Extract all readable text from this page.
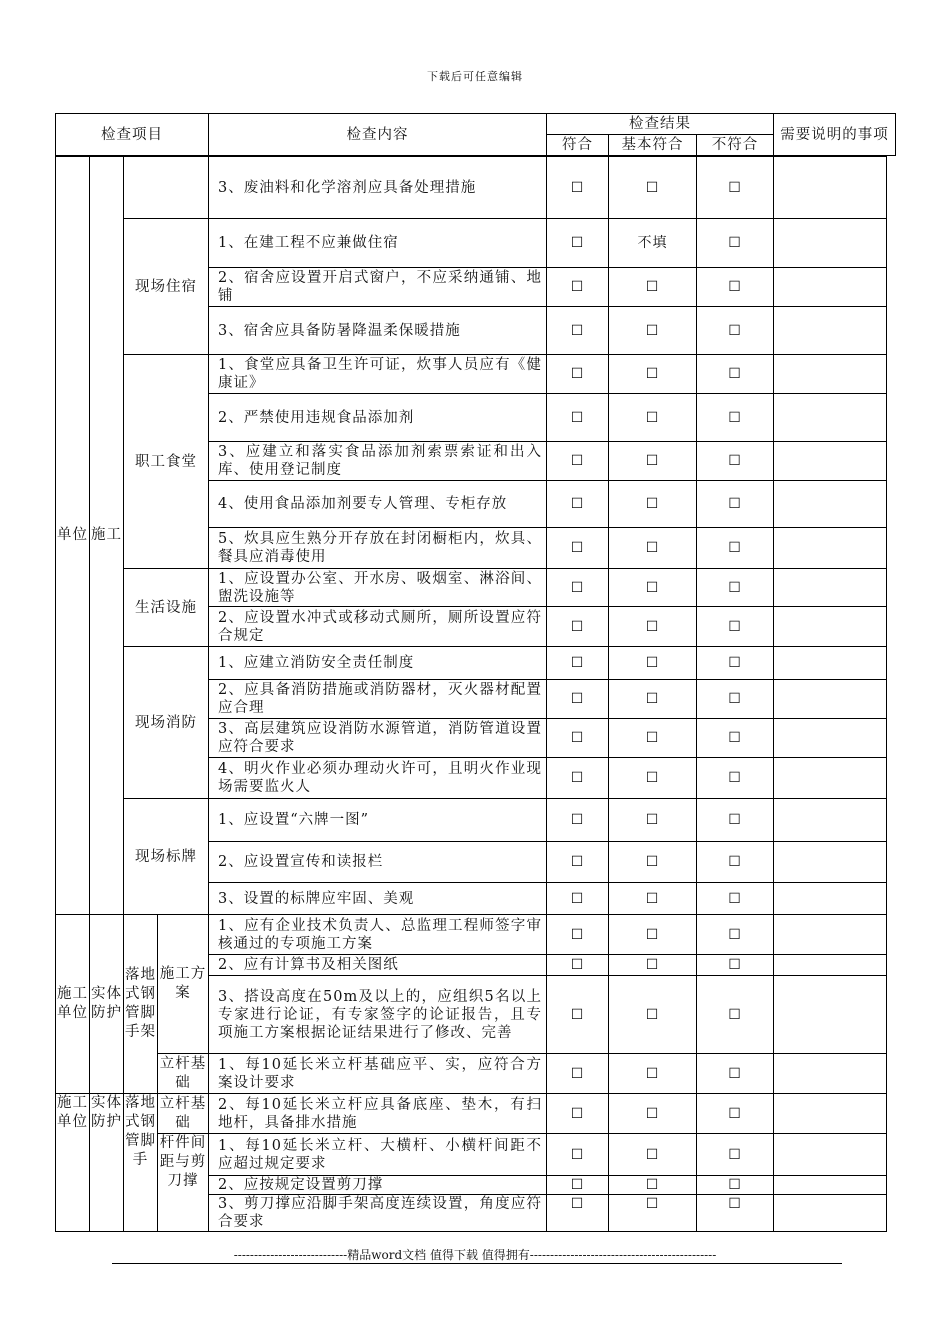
下载后可任意编辑
检查项目	检查内容	检查结果			需要说明的事项
		符合	基本符合	不符合	
单位	施工			3、废油料和化学溶剂应具备处理措施	☐	☐	☐	
		现场住宿		1、在建工程不应兼做住宿	☐	不填	☐	
				2、宿舍应设置开启式窗户，不应采纳通铺、地铺	☐	☐	☐	
				3、宿舍应具备防暑降温柔保暖措施	☐	☐	☐	
		职工食堂		1、食堂应具备卫生许可证，炊事人员应有《健康证》	☐	☐	☐	
				2、严禁使用违规食品添加剂	☐	☐	☐	
				3、应建立和落实食品添加剂索票索证和出入库、使用登记制度	☐	☐	☐	
				4、使用食品添加剂要专人管理、专柜存放	☐	☐	☐	
				5、炊具应生熟分开存放在封闭橱柜内，炊具、餐具应消毒使用	☐	☐	☐	
		生活设施		1、应设置办公室、开水房、吸烟室、淋浴间、盥洗设施等	☐	☐	☐	
				2、应设置水冲式或移动式厕所，厕所设置应符合规定	☐	☐	☐	
		现场消防		1、应建立消防安全责任制度	☐	☐	☐	
				2、应具备消防措施或消防器材，灭火器材配置应合理	☐	☐	☐	
				3、高层建筑应设消防水源管道，消防管道设置应符合要求	☐	☐	☐	
				4、明火作业必须办理动火许可，且明火作业现场需要监火人	☐	☐	☐	
		现场标牌		1、应设置“六牌一图”	☐	☐	☐	
				2、应设置宣传和读报栏	☐	☐	☐	
				3、设置的标牌应牢固、美观	☐	☐	☐	
施工单位	实体防护	落地式钢管脚手架	施工方案	1、应有企业技术负责人、总监理工程师签字审核通过的专项施工方案	☐	☐	☐	
				2、应有计算书及相关图纸	☐	☐	☐	
				3、搭设高度在50m及以上的，应组织5名以上专家进行论证，有专家签字的论证报告，且专项施工方案根据论证结果进行了修改、完善	☐	☐	☐	
			立杆基础	1、每10延长米立杆基础应平、实，应符合方案设计要求	☐	☐	☐	
施工单位	实体防护	落地式钢管脚手	立杆基础	2、每10延长米立杆应具备底座、垫木，有扫地杆，具备排水措施	☐	☐	☐	
			杆件间距与剪刀撑	1、每10延长米立杆、大横杆、小横杆间距不应超过规定要求	☐	☐	☐	
				2、应按规定设置剪刀撑	☐	☐	☐	
				3、剪刀撑应沿脚手架高度连续设置，角度应符合要求	☐	☐	☐	
----------------------------精品word文档 值得下载 值得拥有----------------------------------------------
